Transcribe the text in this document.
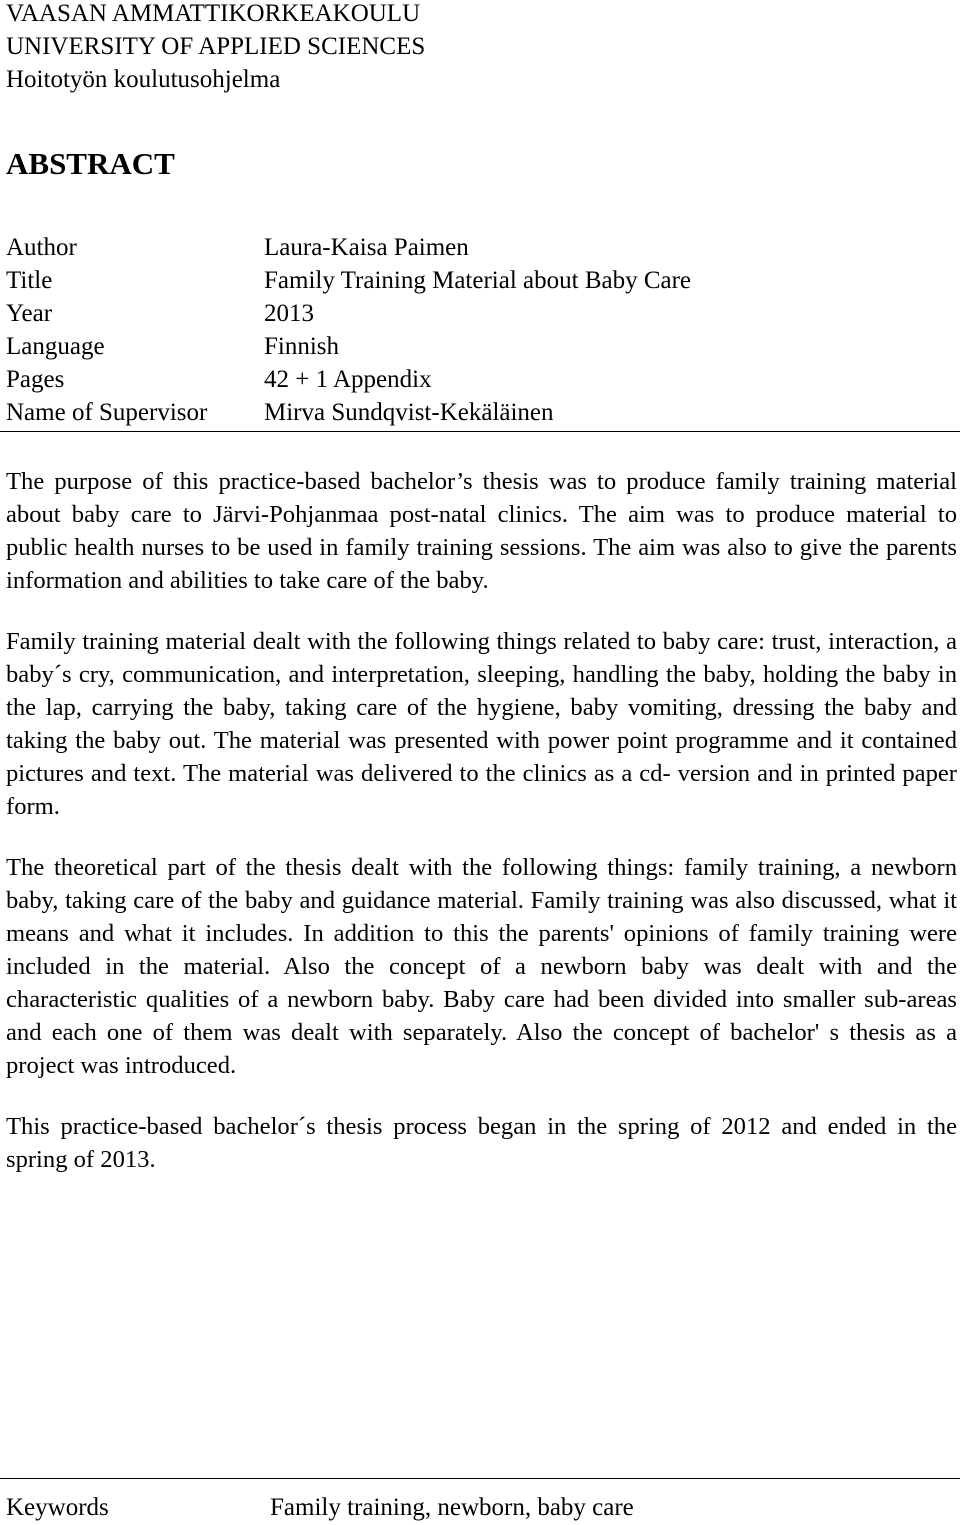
VAASAN AMMATTIKORKEAKOULU
UNIVERSITY OF APPLIED SCIENCES
Hoitotyön koulutusohjelma
ABSTRACT
Author	Laura-Kaisa Paimen
Title	Family Training Material about Baby Care
Year	2013
Language	Finnish
Pages	42 + 1 Appendix
Name of Supervisor	Mirva Sundqvist-Kekäläinen

The purpose of this practice-based bachelor’s thesis was to produce family training material about baby care to Järvi-Pohjanmaa post-natal clinics. The aim was to produce material to public health nurses to be used in family training sessions. The aim was also to give the parents information and abilities to take care of the baby.

Family training material dealt with the following things related to baby care: trust, interaction, a baby´s cry, communication, and interpretation, sleeping, handling the baby, holding the baby in the lap, carrying the baby, taking care of the hygiene, baby vomiting, dressing the baby and taking the baby out. The material was presented with power point programme and it contained pictures and text. The material was delivered to the clinics as a cd- version and in printed paper form.

The theoretical part of the thesis dealt with the following things: family training, a newborn baby, taking care of the baby and guidance material. Family training was also discussed, what it means and what it includes. In addition to this the parents' opinions of family training were included in the material. Also the concept of a newborn baby was dealt with and the characteristic qualities of a newborn baby. Baby care had been divided into smaller sub-areas and each one of them was dealt with separately. Also the concept of bachelor' s thesis as a project was introduced.

This practice-based bachelor´s thesis process began in the spring of 2012 and ended in the spring of 2013.

Keywords	Family training, newborn, baby care
